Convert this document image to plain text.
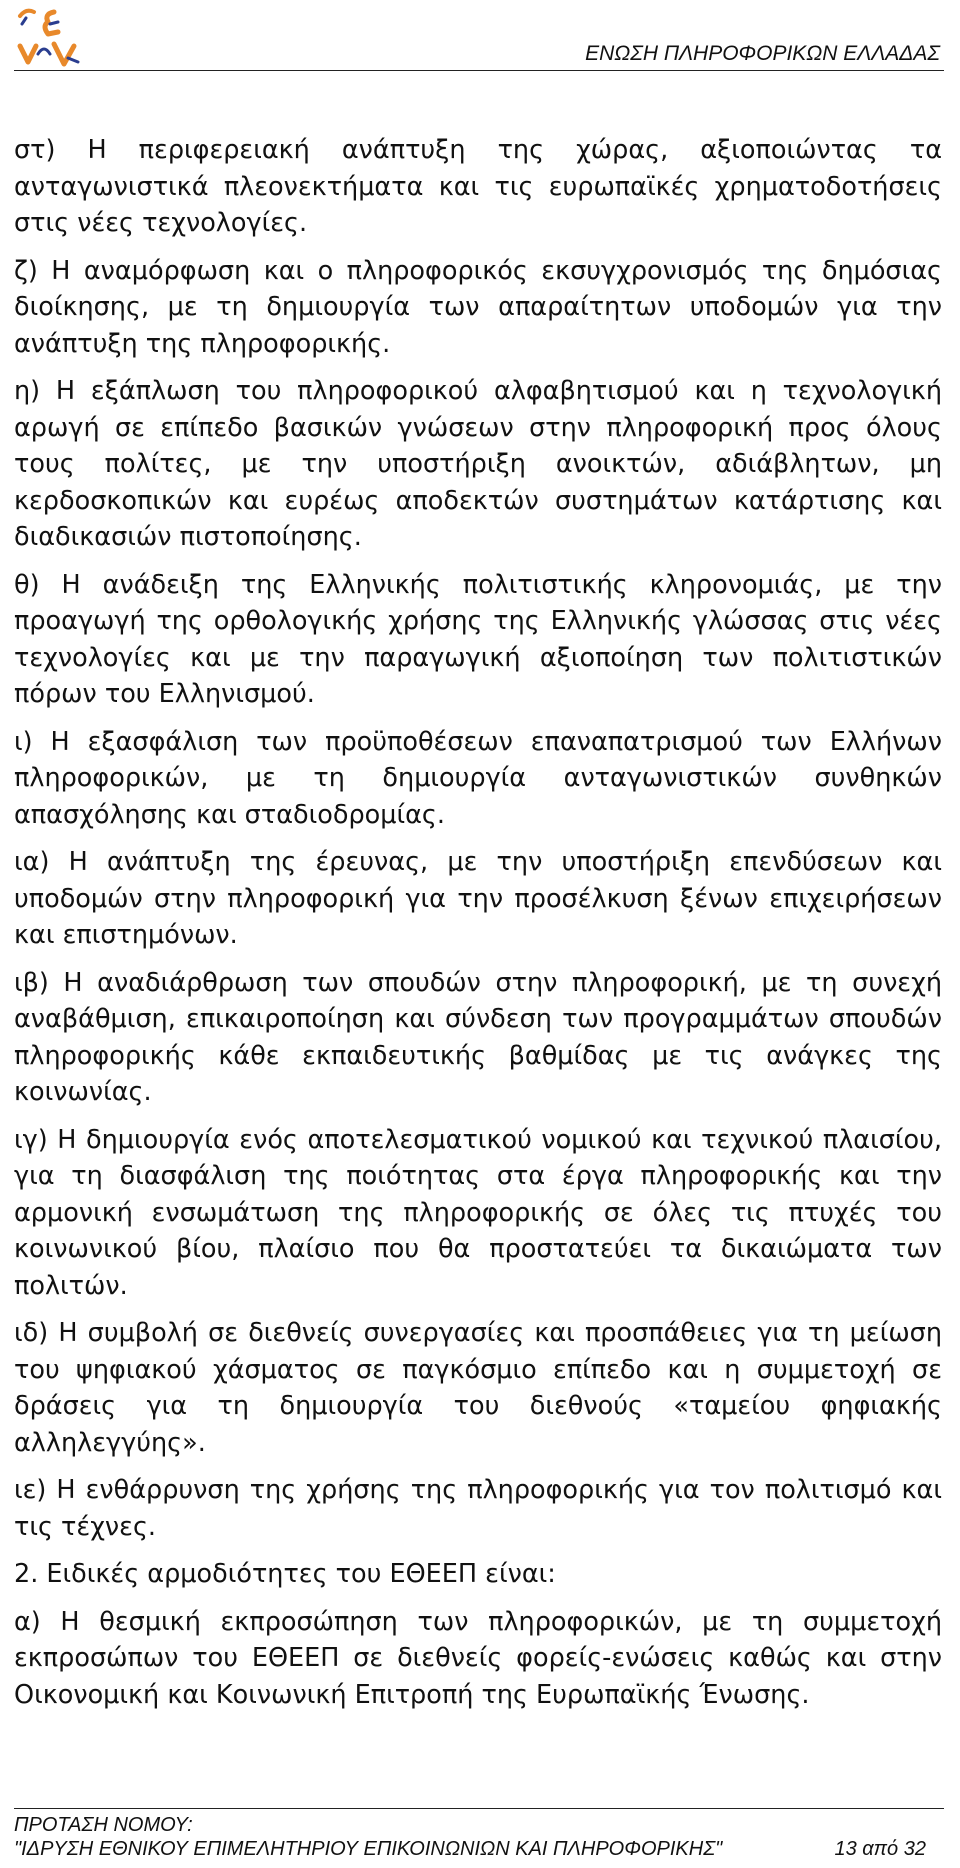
ΕΝΩΣΗ ΠΛΗΡΟΦΟΡΙΚΩΝ ΕΛΛΑΔΑΣ

στ) Η περιφερειακή ανάπτυξη της χώρας, αξιοποιώντας τα ανταγωνιστικά πλεονεκτήματα και τις ευρωπαϊκές χρηματοδοτήσεις στις νέες τεχνολογίες.

ζ) Η αναμόρφωση και ο πληροφορικός εκσυγχρονισμός της δημόσιας διοίκησης, με τη δημιουργία των απαραίτητων υποδομών για την ανάπτυξη της πληροφορικής.

η) Η εξάπλωση του πληροφορικού αλφαβητισμού και η τεχνολογική αρωγή σε επίπεδο βασικών γνώσεων στην πληροφορική προς όλους τους πολίτες, με την υποστήριξη ανοικτών, αδιάβλητων, μη κερδοσκοπικών και ευρέως αποδεκτών συστημάτων κατάρτισης και διαδικασιών πιστοποίησης.

θ) Η ανάδειξη της Ελληνικής πολιτιστικής κληρονομιάς, με την προαγωγή της ορθολογικής χρήσης της Ελληνικής γλώσσας στις νέες τεχνολογίες και με την παραγωγική αξιοποίηση των πολιτιστικών πόρων του Ελληνισμού.

ι) Η εξασφάλιση των προϋποθέσεων επαναπατρισμού των Ελλήνων πληροφορικών, με τη δημιουργία ανταγωνιστικών συνθηκών απασχόλησης και σταδιοδρομίας.

ια) Η ανάπτυξη της έρευνας, με την υποστήριξη επενδύσεων και υποδομών στην πληροφορική για την προσέλκυση ξένων επιχειρήσεων και επιστημόνων.

ιβ) Η αναδιάρθρωση των σπουδών στην πληροφορική, με τη συνεχή αναβάθμιση, επικαιροποίηση και σύνδεση των προγραμμάτων σπουδών πληροφορικής κάθε εκπαιδευτικής βαθμίδας με τις ανάγκες της κοινωνίας.

ιγ) Η δημιουργία ενός αποτελεσματικού νομικού και τεχνικού πλαισίου, για τη διασφάλιση της ποιότητας στα έργα πληροφορικής και την αρμονική ενσωμάτωση της πληροφορικής σε όλες τις πτυχές του κοινωνικού βίου, πλαίσιο που θα προστατεύει τα δικαιώματα των πολιτών.

ιδ) Η συμβολή σε διεθνείς συνεργασίες και προσπάθειες για τη μείωση του ψηφιακού χάσματος σε παγκόσμιο επίπεδο και η συμμετοχή σε δράσεις για τη δημιουργία του διεθνούς «ταμείου φηφιακής αλληλεγγύης».

ιε) Η ενθάρρυνση της χρήσης της πληροφορικής για τον πολιτισμό και τις τέχνες.

2. Ειδικές αρμοδιότητες του ΕΘΕΕΠ είναι:

α) Η θεσμική εκπροσώπηση των πληροφορικών, με τη συμμετοχή εκπροσώπων του ΕΘΕΕΠ σε διεθνείς φορείς-ενώσεις καθώς και στην Οικονομική και Κοινωνική Επιτροπή της Ευρωπαϊκής Ένωσης.

ΠΡΟΤΑΣΗ ΝΟΜΟΥ:
"ΙΔΡΥΣΗ ΕΘΝΙΚΟΥ ΕΠΙΜΕΛΗΤΗΡΙΟΥ ΕΠΙΚΟΙΝΩΝΙΩΝ ΚΑΙ ΠΛΗΡΟΦΟΡΙΚΗΣ"	13 από 32
